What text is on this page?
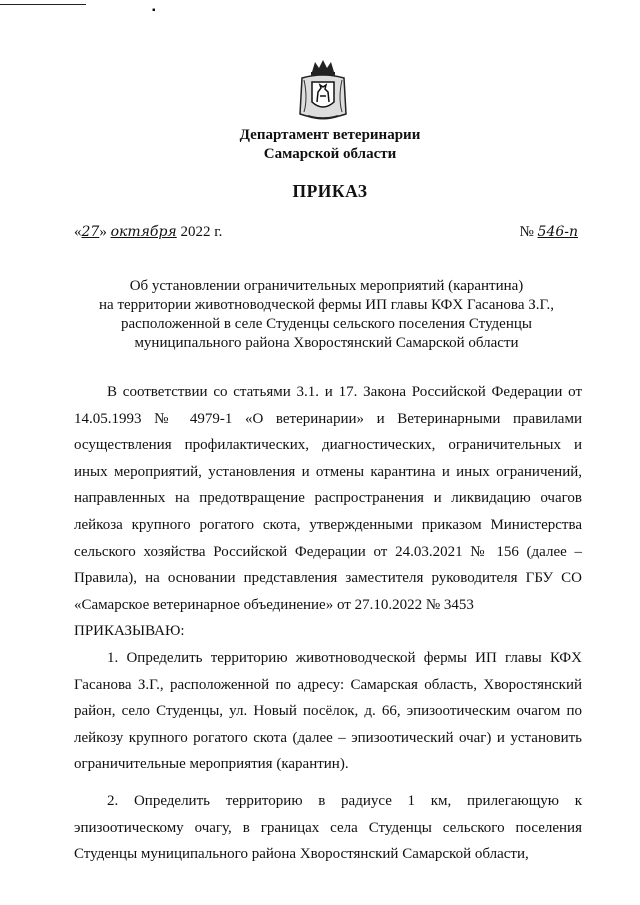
▪
Департамент ветеринарии
Самарской области
ПРИКАЗ
«27» октября 2022 г.	№ 546-п
Об установлении ограничительных мероприятий (карантина)
на территории животноводческой фермы ИП главы КФХ Гасанова З.Г.,
расположенной в селе Студенцы сельского поселения Студенцы
муниципального района Хворостянский Самарской области

В соответствии со статьями 3.1. и 17. Закона Российской Федерации от 14.05.1993 № 4979-1 «О ветеринарии» и Ветеринарными правилами осуществления профилактических, диагностических, ограничительных и иных мероприятий, установления и отмены карантина и иных ограничений, направленных на предотвращение распространения и ликвидацию очагов лейкоза крупного рогатого скота, утвержденными приказом Министерства сельского хозяйства Российской Федерации от 24.03.2021 № 156 (далее – Правила), на основании представления заместителя руководителя ГБУ СО «Самарское ветеринарное объединение» от 27.10.2022 № 3453

ПРИКАЗЫВАЮ:

1. Определить территорию животноводческой фермы ИП главы КФХ Гасанова З.Г., расположенной по адресу: Самарская область, Хворостянский район, село Студенцы, ул. Новый посёлок, д. 66, эпизоотическим очагом по лейкозу крупного рогатого скота (далее – эпизоотический очаг) и установить ограничительные мероприятия (карантин).

2. Определить территорию в радиусе 1 км, прилегающую к эпизоотическому очагу, в границах села Студенцы сельского поселения Студенцы муниципального района Хворостянский Самарской области,
